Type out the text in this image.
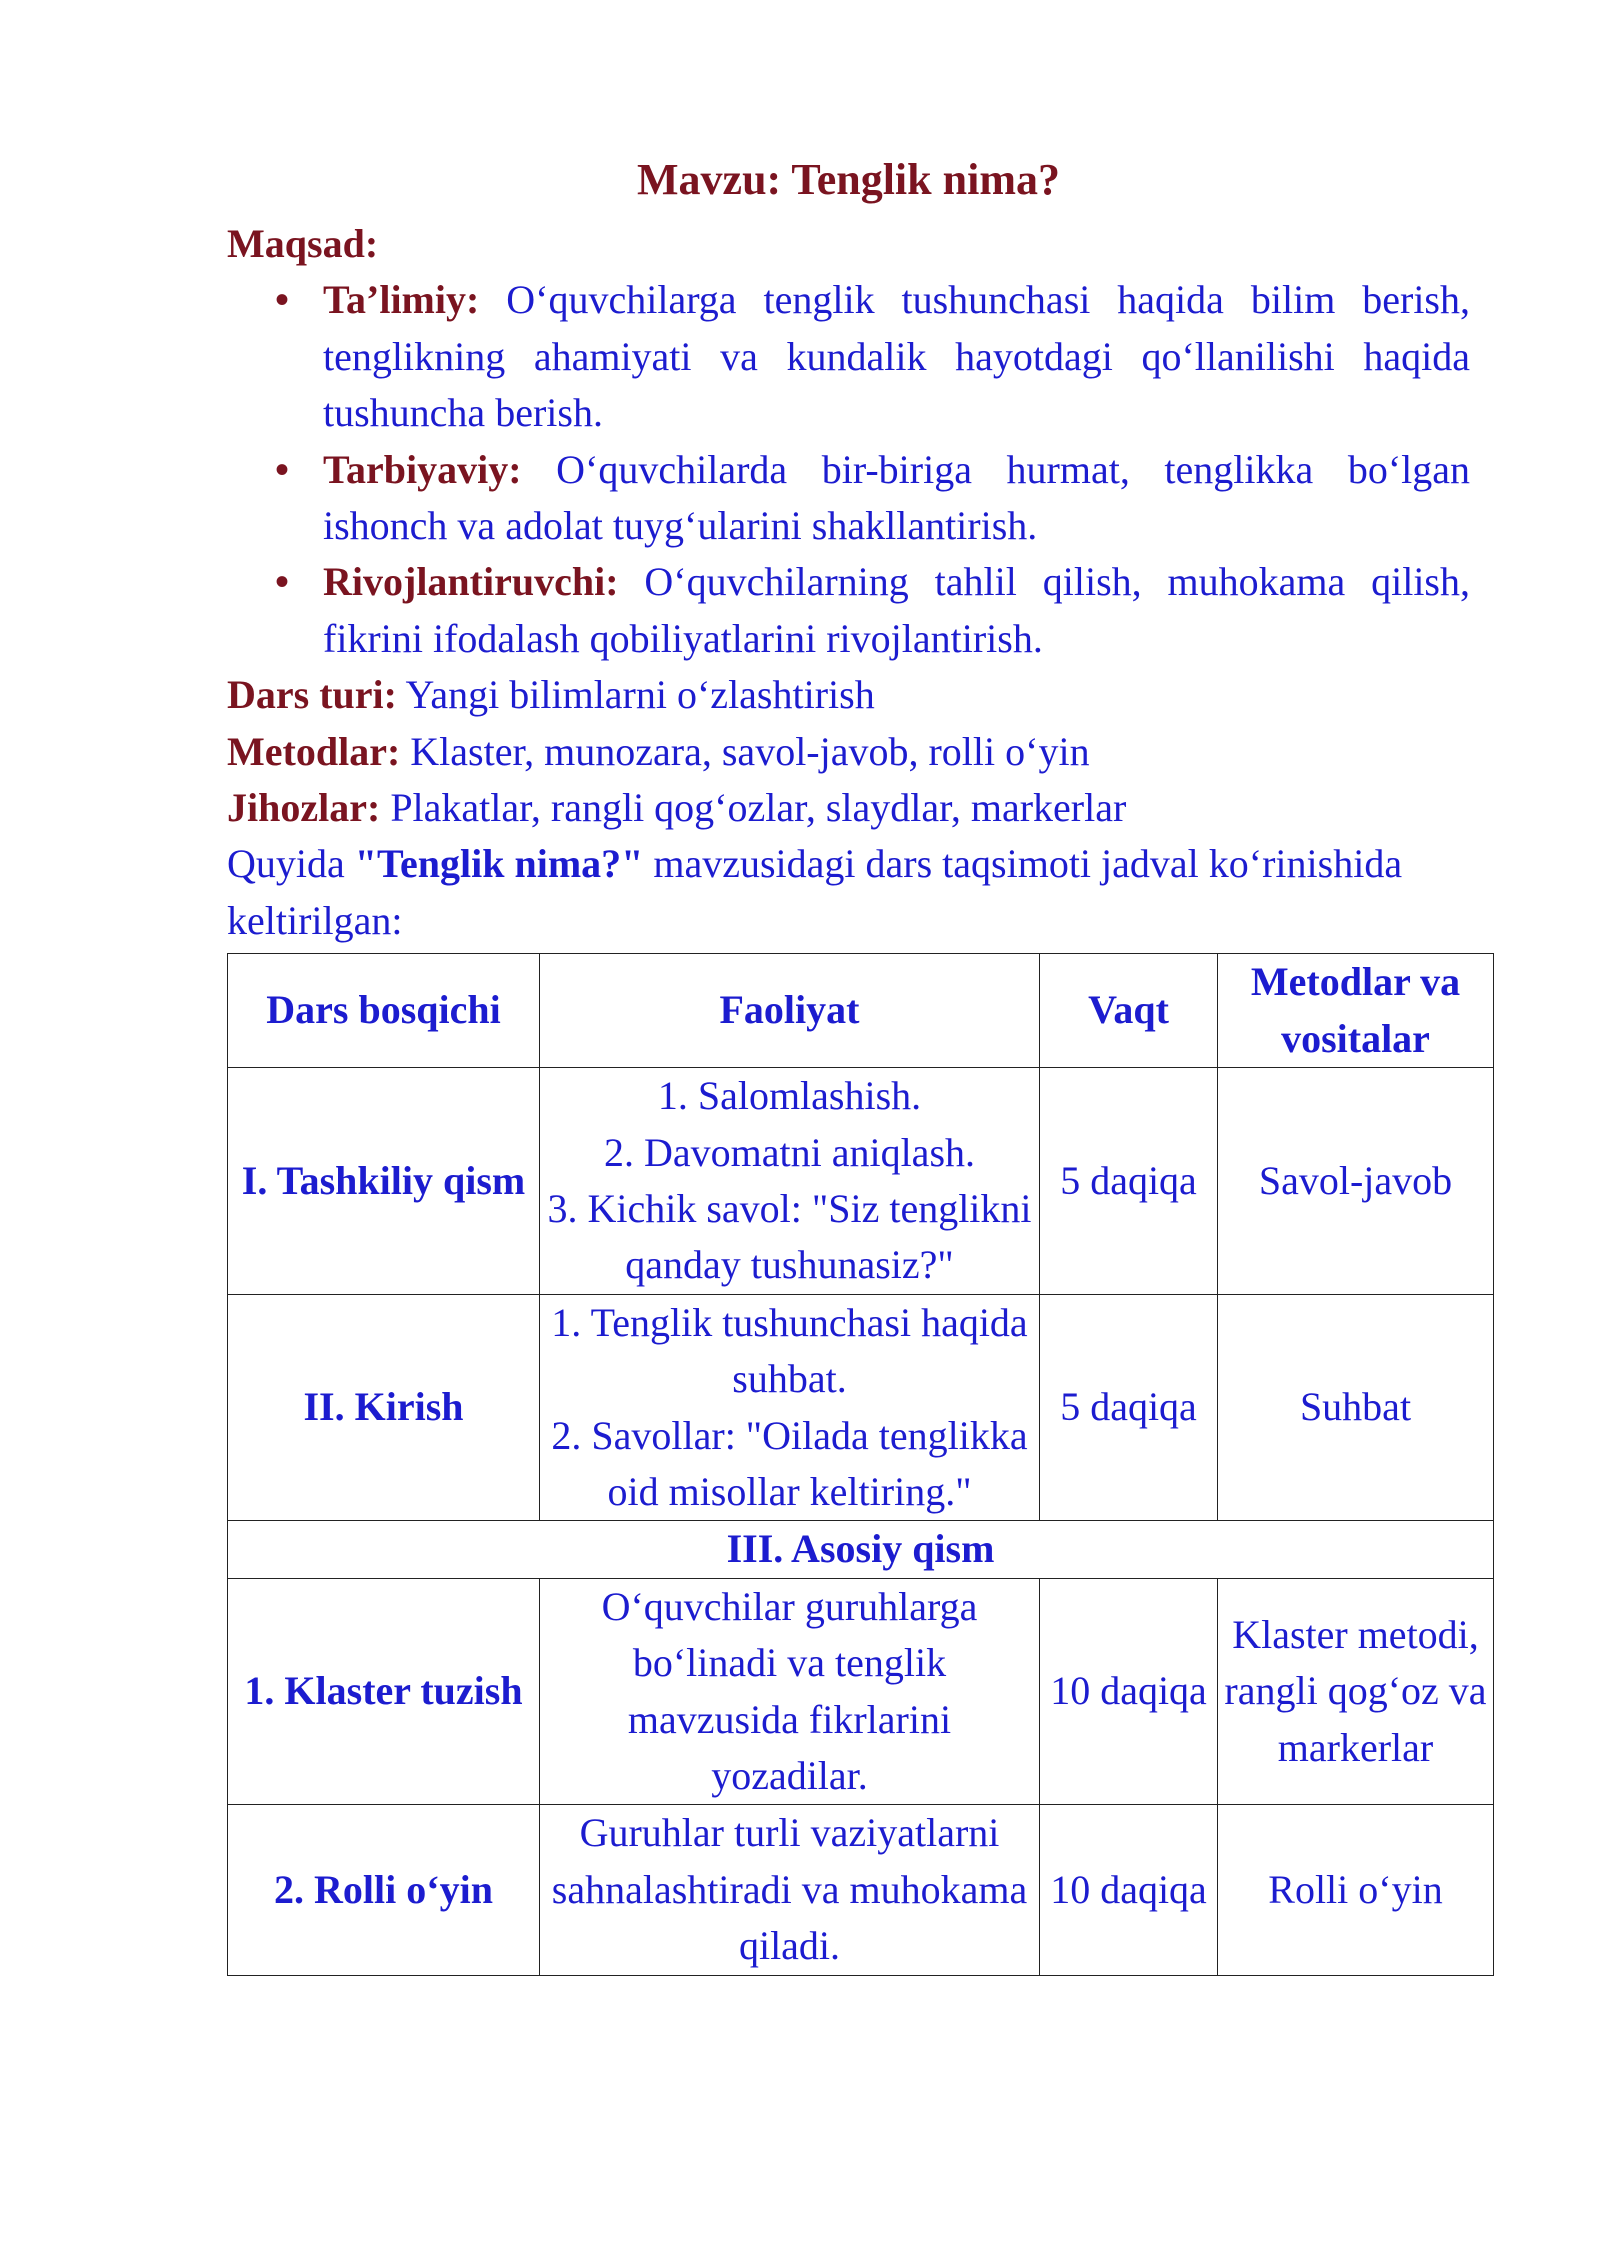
Mavzu: Tenglik nima?

Maqsad:

• Ta’limiy: O‘quvchilarga tenglik tushunchasi haqida bilim berish, tenglikning ahamiyati va kundalik hayotdagi qo‘llanilishi haqida tushuncha berish.
• Tarbiyaviy: O‘quvchilarda bir-biriga hurmat, tenglikka bo‘lgan ishonch va adolat tuyg‘ularini shakllantirish.
• Rivojlantiruvchi: O‘quvchilarning tahlil qilish, muhokama qilish, fikrini ifodalash qobiliyatlarini rivojlantirish.

Dars turi: Yangi bilimlarni o‘zlashtirish

Metodlar: Klaster, munozara, savol-javob, rolli o‘yin

Jihozlar: Plakatlar, rangli qog‘ozlar, slaydlar, markerlar

Quyida "Tenglik nima?" mavzusidagi dars taqsimoti jadval ko‘rinishida keltirilgan:

Dars bosqichi	Faoliyat	Vaqt	Metodlar va vositalar
I. Tashkiliy qism	1. Salomlashish.
2. Davomatni aniqlash.
3. Kichik savol: "Siz tenglikni qanday tushunasiz?"	5 daqiqa	Savol-javob
II. Kirish	1. Tenglik tushunchasi haqida suhbat.
2. Savollar: "Oilada tenglikka oid misollar keltiring."	5 daqiqa	Suhbat
III. Asosiy qism			
1. Klaster tuzish	O‘quvchilar guruhlarga bo‘linadi va tenglik mavzusida fikrlarini yozadilar.	10 daqiqa	Klaster metodi, rangli qog‘oz va markerlar
2. Rolli o‘yin	Guruhlar turli vaziyatlarni sahnalashtiradi va muhokama qiladi.	10 daqiqa	Rolli o‘yin
